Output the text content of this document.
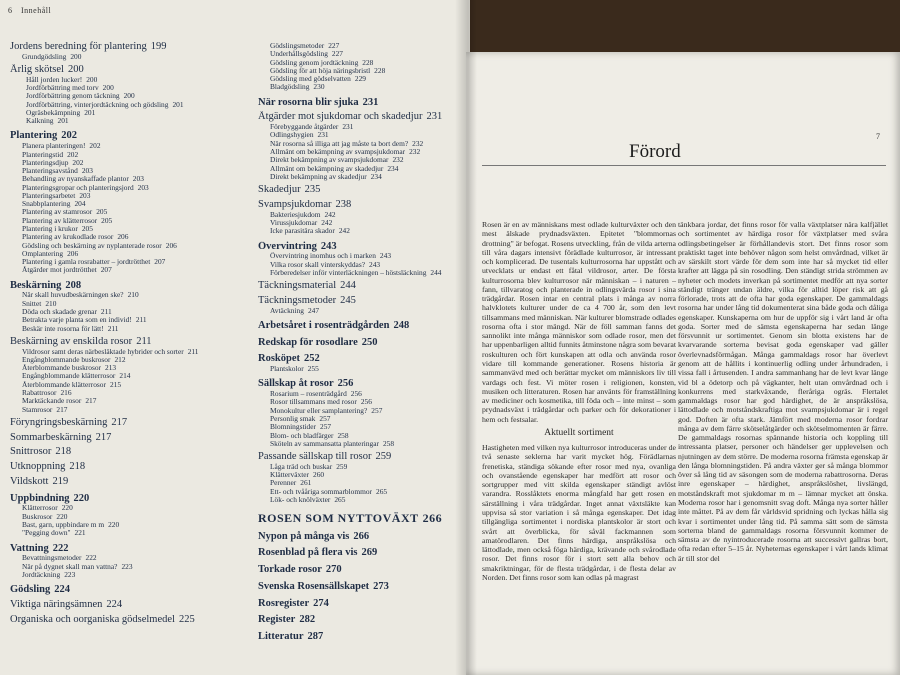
6 Innehåll
Jordens beredning för plantering 199
Grundgödsling 200
Årlig skötsel 200
Håll jorden lucker! 200
Jordförbättring med torv 200
Jordförbättring genom täckning 200
Jordförbättring, vinterjordtäckning och gödsling 201
Ogräsbekämpning 201
Kalkning 201
Plantering 202
Planera planteringen! 202
Planteringstid 202
Planteringsdjup 202
Planteringsavstånd 203
Behandling av nyanskaffade plantor 203
Planteringsgropar och planteringsjord 203
Planteringsarbetet 203
Snabbplantering 204
Plantering av stamrosor 205
Plantering av klätterrosor 205
Plantering i krukor 205
Plantering av krukodlade rosor 206
Gödsling och beskärning av nyplanterade rosor 206
Omplantering 206
Plantering i gamla rosrabatter – jordtrötthet 207
Åtgärder mot jordtrötthet 207
Beskärning 208
När skall huvudbeskärningen ske? 210
Snittet 210
Döda och skadade grenar 211
Betrakta varje planta som en individ! 211
Beskär inte rosorna för lätt! 211
Beskärning av enskilda rosor 211
Vildrosor samt deras närbesläktade hybrider och sorter 211
Engångblommande buskrosor 212
Återblommande buskrosor 213
Engångblommande klätterrosor 214
Återblommande klätterrosor 215
Rabattrosor 216
Marktäckande rosor 217
Stamrosor 217
Föryngringsbeskärning 217
Sommarbeskärning 217
Snittrosor 218
Utknoppning 218
Vildskott 219
Uppbindning 220
Klätterrosor 220
Buskrosor 220
Bast, garn, uppbindare m m 220
"Pegging down" 221
Vattning 222
Bevattningsmetoder 222
När på dygnet skall man vattna? 223
Jordtäckning 223
Gödsling 224
Viktiga näringsämnen 224
Organiska och oorganiska gödselmedel 225
Gödslingsmetoder 227
Underhållsgödsling 227
Gödsling genom jordtäckning 228
Gödsling för att höja näringsbristl 228
Gödsling med gödselvatten 229
Bladgödsling 230
När rosorna blir sjuka 231
Åtgärder mot sjukdomar och skadedjur 231
Förebyggande åtgärder 231
Odlingshygien 231
När rosorna så illiga att jag måste ta bort dem? 232
Allmänt om bekämpning av svampsjukdomar 232
Direkt bekämpning av svampsjukdomar 232
Allmänt om bekämpning av skadedjur 234
Direkt bekämpning av skadedjur 234
Skadedjur 235
Svampsjukdomar 238
Bakteriesjukdom 242
Virussjukdomar 242
Icke parasitära skador 242
Övervintring 243
Övervintring inomhus och i marken 243
Vilka rosor skall vinterskyddas? 243
Förberedelser inför vinterläckningen – höstsläckning 244
Täckningsmaterial 244
Täckningsmetoder 245
Avtäckning 247
Arbetsåret i rosenträdgården 248
Redskap för rosodlare 250
Rosköpet 252
Plantskolor 255
Sällskap åt rosor 256
Rosarium – rosenträdgård 256
Rosor tillsammans med rosor 256
Monokultur eller samplantering? 257
Personlig smak 257
Blomningstider 257
Blom- och bladfärger 258
Sköteln av sammansatta planteringar 258
Passande sällskap till rosor 259
Låga träd och buskar 259
Klätterväxter 260
Perenner 261
Ett- och tvååriga sommarblommor 265
Lök- och knölväxter 265
ROSEN SOM NYTTOVÄXT 266
Nypon på många vis 266
Rosenblad på flera vis 269
Torkade rosor 270
Svenska Rosensällskapet 273
Rosregister 274
Register 282
Litteratur 287
7
Förord

Rosen är en av människans mest odlade kulturväxter och den mest älskade prydnadsväxten. Epitetet "blommornas drottning" är befogat. Rosens utveckling, från de vilda arterna till våra dagars intensivt förädlade kulturrosor, är intressant och komplicerad. De tusentals kulturrosorna har uppstått och utvecklats ur endast ett fåtal vildrosor, arter. De första kulturrosorna blev kulturrosor när människan – i naturen – fann, tillvaratog och planterade in odlingsvärda rosor i sina trädgårdar. Rosen intar en central plats i många av norra halvklotets kulturer under de ca 4 700 år, som den levt tillsammans med människan. När kulturer blomstrade odlades rosorna ofta i stor mängd. När de föll samman fanns det sannolikt inte många människor som odlade rosor, men det har uppenbarligen alltid funnits åtminstone några som bevarat roskulturen och fört kunskapen att odla och använda rosor vidare till kommande generationer. Rosens historia är sammanvävd med och berättar mycket om människors liv till vardags och fest. Vi möter rosen i religionen, konsten, musiken och litteraturen. Rosen har använts för framställning av mediciner och kosmetika, till föda och – inte minst – som prydnadsväxt i trädgårdar och parker och för dekorationer i hem och festsalar.

Aktuellt sortiment

Hastigheten med vilken nya kulturrosor introduceras under de två senaste seklerna har varit mycket hög. Förädlarnas frenetiska, ständiga sökande efter rosor med nya, ovanliga och ovanstående egenskaper har medfört att rosor och sortgrupper med vitt skilda egenskaper ständigt avlöst varandra. Rosslåktets enorma mångfald har gett rosen en särställning i våra trädgårdar. Inget annat växtsläkte kan uppvisa så stor variation i så många egenskaper. Det idag tillgängliga sortimentet i nordiska plantskolor är stort och svårt att överblicka, för såväl fackmannen som amatörodlaren. Det finns härdiga, anspråkslösa och lättodlade, men också föga härdiga, krävande och svårodlade rosor. Det finns rosor för i stort sett alla behov och smakriktningar, för de flesta trädgårdar, i de flesta delar av Norden. Det finns rosor som kan odlas på magrast

tänkbara jordar, det finns rosor för valla växtplatser nära kalfjället och sortimentet av härdiga rosor för växtplatser med svåra odlingsbetingelser är förhållandevis stort. Det finns rosor som praktiskt taget inte behöver någon som helst omvårdnad, vilket är av särskilt stort värde för dem som inte har så mycket tid eller krafter att lägga på sin rosodling. Den ständigt strida strömmen av nyheter och modets inverkan på sortimentet medför att nya sorter ständigt tränger undan äldre, vilka för alltid löper risk att gå förlorade, trots att de ofta har goda egenskaper. De gammaldags rosorna har under lång tid dokumenterat sina både goda och dåliga egenskaper. Kunskaperna om hur de uppför sig i vårt land är ofta goda. Sorter med de sämsta egenskaperna har sedan länge försvunnit ur sortimentet. Genom sin blotta existens har de kvarvarande sorterna bevisat goda egenskaper vad gäller överlevnadsförmågan. Många gammaldags rosor har överlevt genom att de hållits i kontinuerlig odling under århundraden, i vissa fall i årtusenden. I andra sammanhang har de levt kvar länge vid bl a ödetorp och på vägkanter, helt utan omvårdnad och i konkurrens med starkväxande, fleråriga ogräs. Flertalet gammaldags rosor har god härdighet, de är anspråkslösa, lättodlade och motståndskraftiga mot svampsjukdomar är i regel god. Doften är ofta stark. Jämfört med moderna rosor fordrar många av dem färre skötselåtgärder och skötselmomenten är färre. De gammaldags rosornas spännande historia och koppling till intressanta platser, personer och händelser ger upplevelsen och njutningen av dem större. De moderna rosorna främsta egenskap är den långa blomningstiden. På andra växter ger så många blommor över så lång tid av säsongen som de moderna rabattrosorna. Deras inre egenskaper – härdighet, anspråkslöshet, livslängd, motståndskraft mot sjukdomar m m – lämnar mycket att önska. Moderna rosor har i genomsnitt svag doft. Många nya sorter håller inte måttet. På av dem får världsvid spridning och lyckas hålla sig kvar i sortimentet under lång tid. På samma sätt som de sämsta sorterna bland de gammaldags rosorna försvunnit kommer de sämsta av de nyintroducerade rosorna att successivt gallras bort, ofta redan efter 5–15 år. Nyheternas egenskaper i vårt lands klimat är till stor del
